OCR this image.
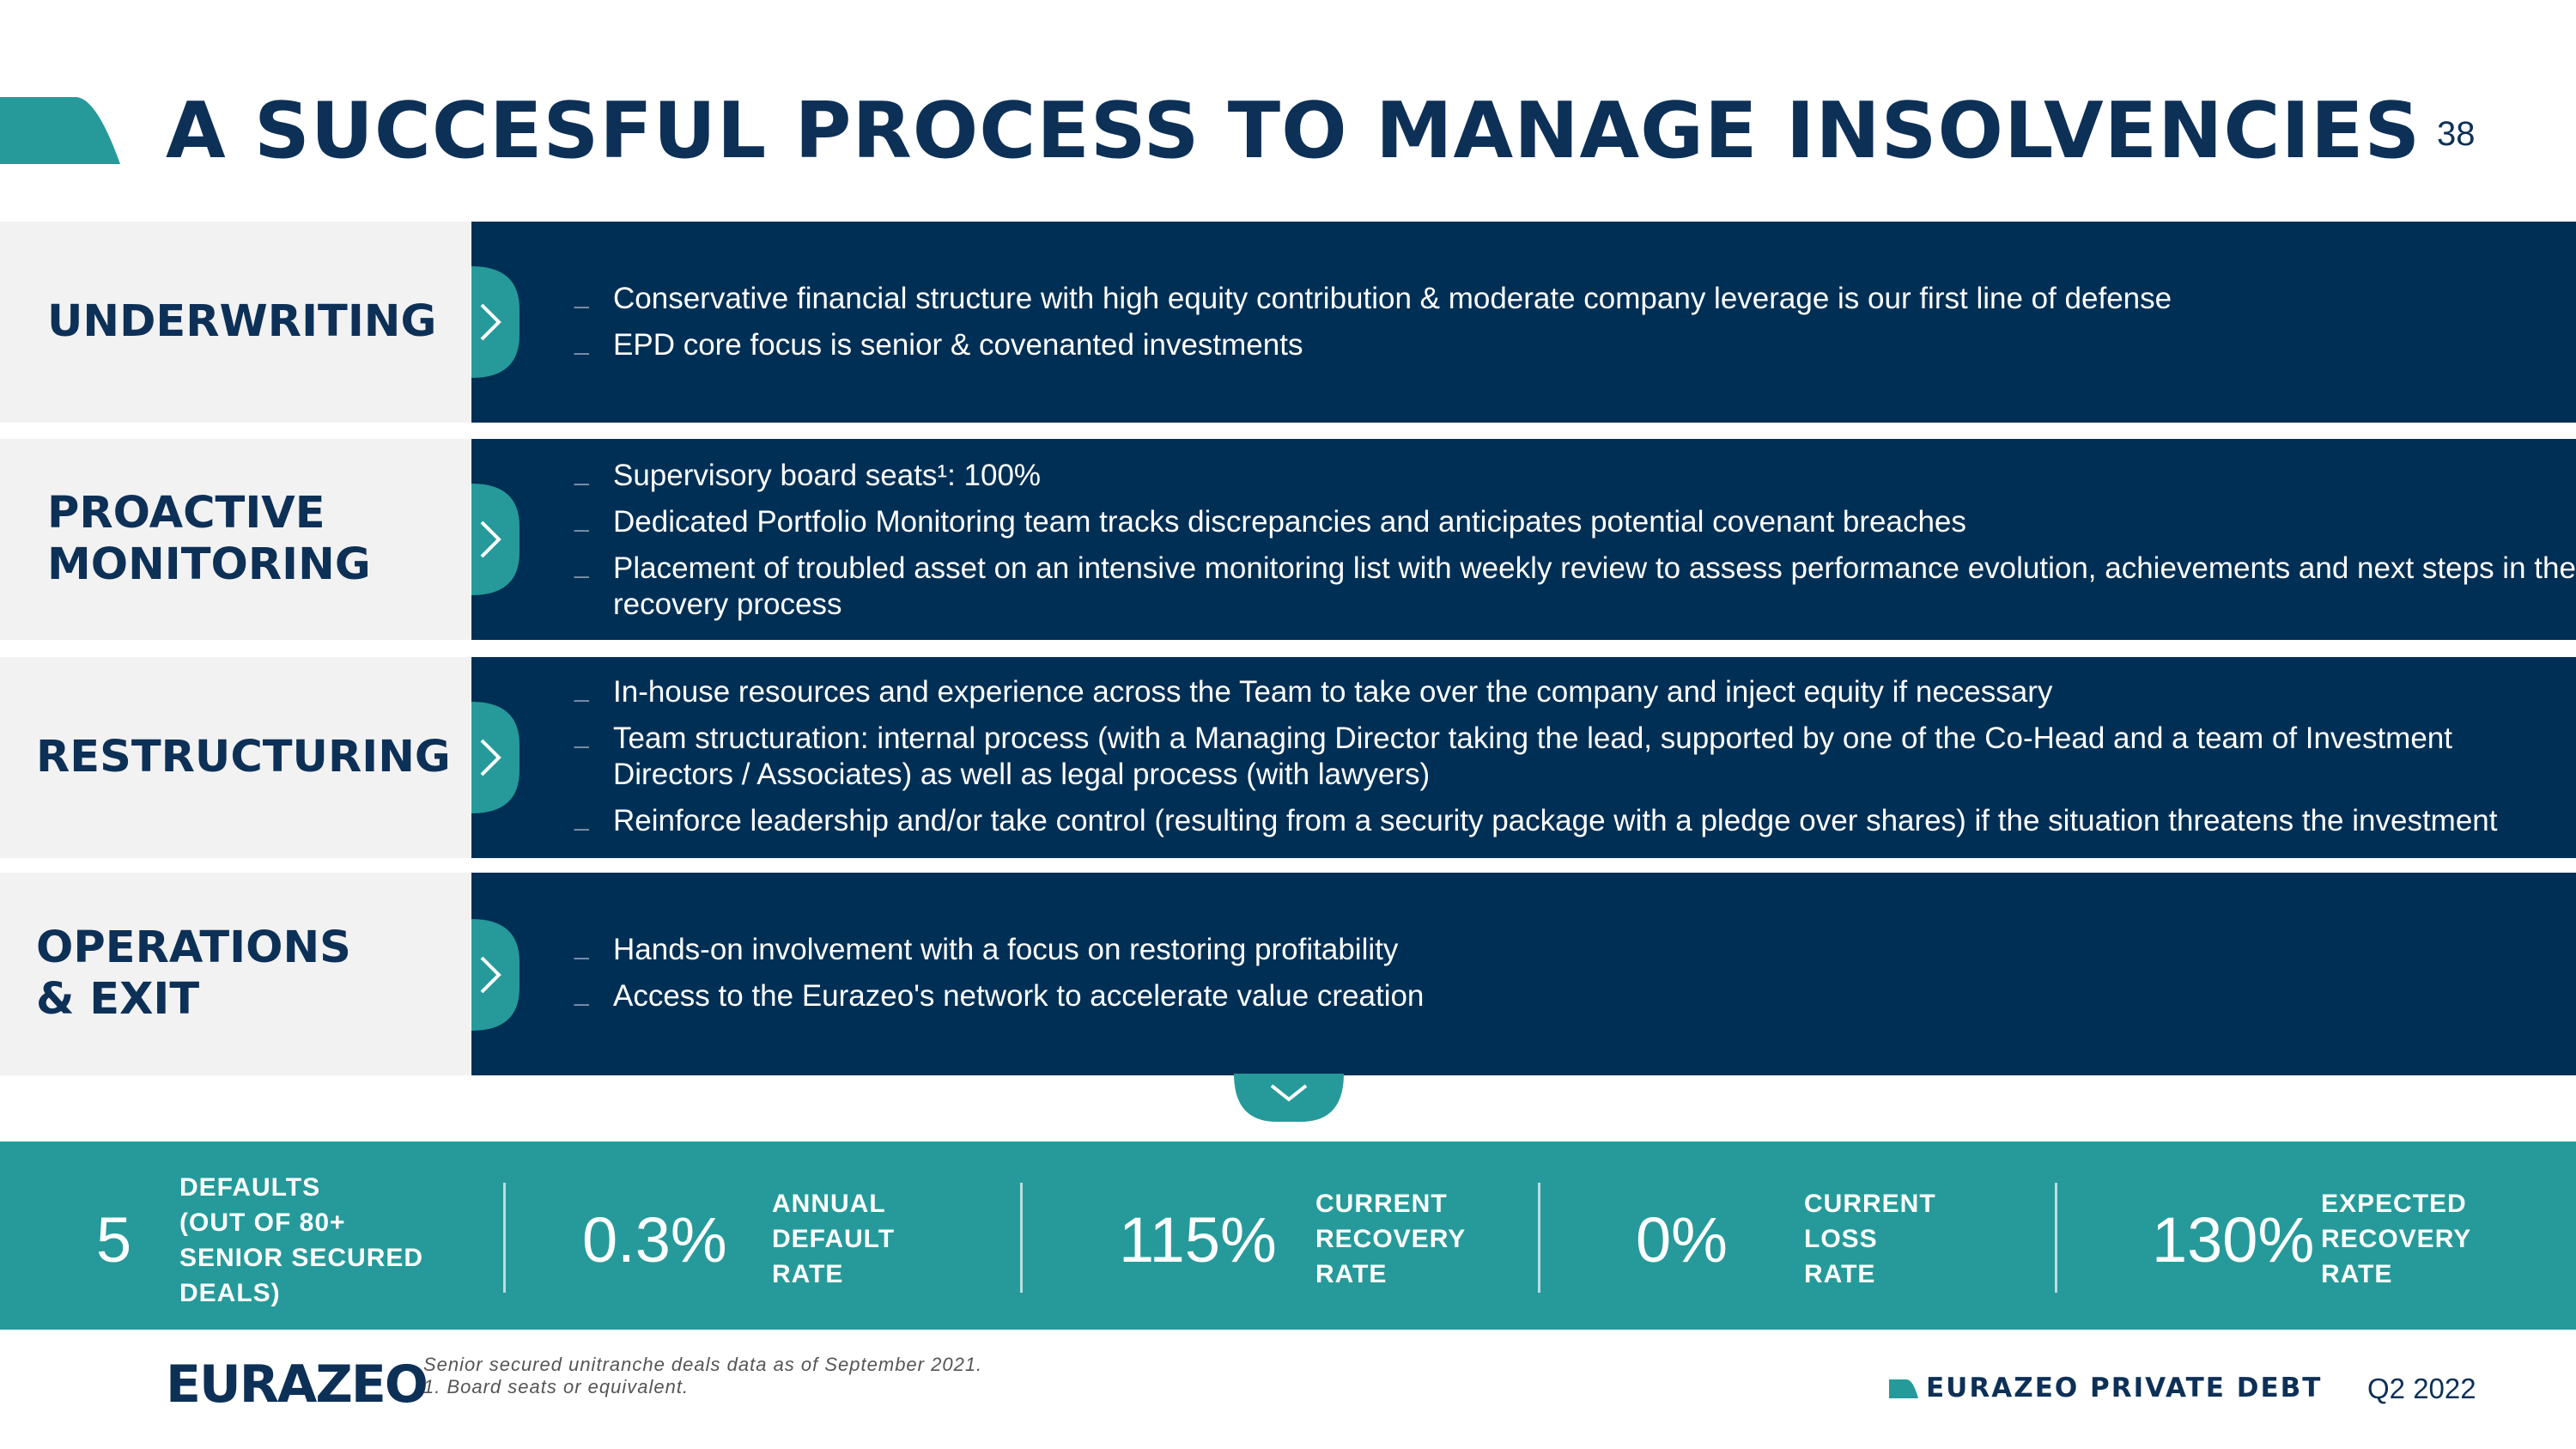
A SUCCESFUL PROCESS TO MANAGE INSOLVENCIES 38
UNDERWRITING
_	Conservative financial structure with high equity contribution & moderate company leverage is our first line of defense
_ EPD core focus is senior & covenanted investments
PROACTIVE
MONITORING
_ Supervisory board seats¹: 100%
_ Dedicated Portfolio Monitoring team tracks discrepancies and anticipates potential covenant breaches
_ Placement of troubled asset on an intensive monitoring list with weekly review to assess performance evolution, achievements and next steps in the recovery process
RESTRUCTURING
_ In-house resources and experience across the Team to take over the company and inject equity if necessary
_ Team structuration: internal process (with a Managing Director taking the lead, supported by one of the Co-Head and a team of Investment Directors / Associates) as well as legal process (with lawyers)
_ Reinforce leadership and/or take control (resulting from a security package with a pledge over shares) if the situation threatens the investment
OPERATIONS
& EXIT
_ Hands-on involvement with a focus on restoring profitability
_ Access to the Eurazeo's network to accelerate value creation
5
DEFAULTS
(OUT OF 80+
SENIOR SECURED
DEALS)
0.3%
ANNUAL
DEFAULT
RATE	115%
CURRENT
RECOVERY
RATE	0%
CURRENT
LOSS
RATE	130%
EXPECTED
RECOVERY
RATE
EURAZEO
Senior secured unitranche deals data as of September 2021.
1. Board seats or equivalent.	EURAZEO PRIVATE DEBT Q2 2022
